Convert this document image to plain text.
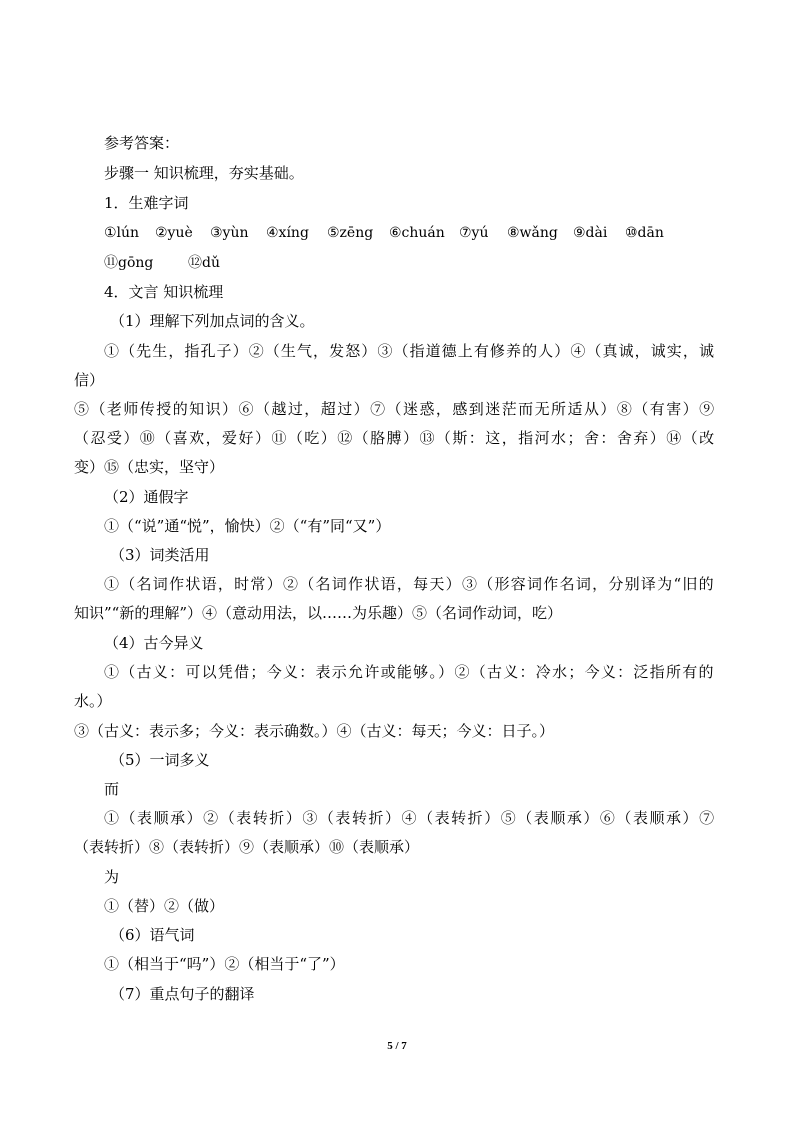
参考答案：
步骤一 知识梳理，夯实基础。
1．生难字词
①lún ②yuè ③yùn ④xíng ⑤zēng ⑥chuán ⑦yú ⑧wǎng ⑨dài ⑩dān
⑪gōng ⑫dǔ
4．文言 知识梳理
（1）理解下列加点词的含义。
①（先生，指孔子）②（生气，发怒）③（指道德上有修养的人）④（真诚，诚实，诚
信）
⑤（老师传授的知识）⑥（越过，超过）⑦（迷惑，感到迷茫而无所适从）⑧（有害）⑨
（忍受）⑩（喜欢，爱好）⑪（吃）⑫（胳膊）⑬（斯：这，指河水；舍：舍弃）⑭（改
变）⑮（忠实，坚守）
（2）通假字
①（“说”通“悦”，愉快）②（“有”同“又”）
（3）词类活用
①（名词作状语，时常）②（名词作状语，每天）③（形容词作名词，分别译为“旧的
知识”“新的理解”）④（意动用法，以……为乐趣）⑤（名词作动词，吃）
（4）古今异义
①（古义：可以凭借；今义：表示允许或能够。）②（古义：冷水；今义：泛指所有的
水。）
③（古义：表示多；今义：表示确数。）④（古义：每天；今义：日子。）
（5）一词多义
而
①（表顺承）②（表转折）③（表转折）④（表转折）⑤（表顺承）⑥（表顺承）⑦
（表转折）⑧（表转折）⑨（表顺承）⑩（表顺承）
为
①（替）②（做）
（6）语气词
①（相当于“吗”）②（相当于“了”）
（7）重点句子的翻译
5 / 7
